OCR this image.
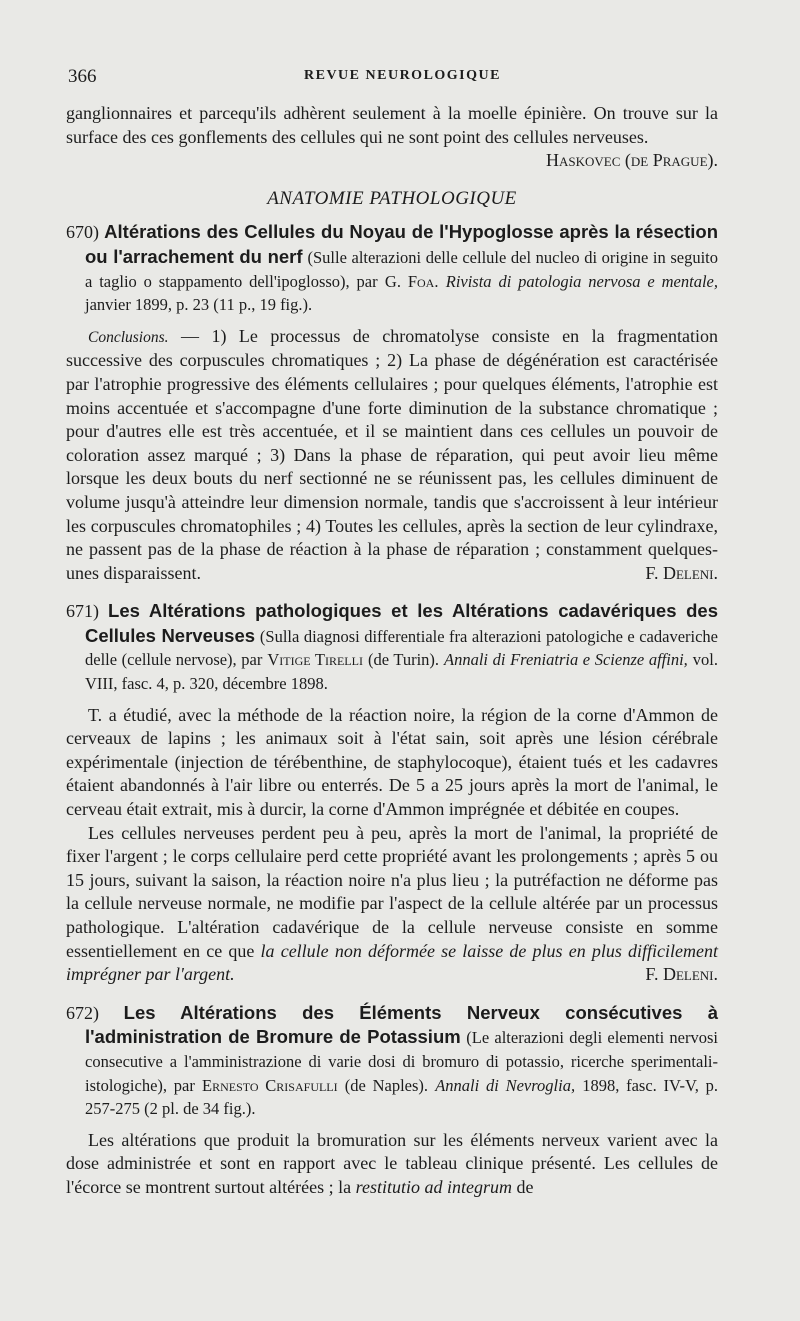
366	REVUE NEUROLOGIQUE

ganglionnaires et parcequ'ils adhèrent seulement à la moelle épinière. On trouve sur la surface des ces gonflements des cellules qui ne sont point des cellules nerveuses.

Haskovec (de Prague).

ANATOMIE PATHOLOGIQUE
670) Altérations des Cellules du Noyau de l'Hypoglosse après la résection ou l'arrachement du nerf (Sulle alterazioni delle cellule del nucleo di origine in seguito a taglio o stappamento dell'ipoglosso), par G. Foa. Rivista di patologia nervosa e mentale, janvier 1899, p. 23 (11 p., 19 fig.).

Conclusions. — 1) Le processus de chromatolyse consiste en la fragmentation successive des corpuscules chromatiques ; 2) La phase de dégénération est caractérisée par l'atrophie progressive des éléments cellulaires ; pour quelques éléments, l'atrophie est moins accentuée et s'accompagne d'une forte diminution de la substance chromatique ; pour d'autres elle est très accentuée, et il se maintient dans ces cellules un pouvoir de coloration assez marqué ; 3) Dans la phase de réparation, qui peut avoir lieu même lorsque les deux bouts du nerf sectionné ne se réunissent pas, les cellules diminuent de volume jusqu'à atteindre leur dimension normale, tandis que s'accroissent à leur intérieur les corpuscules chromatophiles ; 4) Toutes les cellules, après la section de leur cylindraxe, ne passent pas de la phase de réaction à la phase de réparation ; constamment quelques-unes disparaissent.	F. Deleni.

671) Les Altérations pathologiques et les Altérations cadavériques des Cellules Nerveuses (Sulla diagnosi differentiale fra alterazioni patologiche e cadaveriche delle (cellule nervose), par Vitige Tirelli (de Turin). Annali di Freniatria e Scienze affini, vol. VIII, fasc. 4, p. 320, décembre 1898.

T. a étudié, avec la méthode de la réaction noire, la région de la corne d'Ammon de cerveaux de lapins ; les animaux soit à l'état sain, soit après une lésion cérébrale expérimentale (injection de térébenthine, de staphylocoque), étaient tués et les cadavres étaient abandonnés à l'air libre ou enterrés. De 5 a 25 jours après la mort de l'animal, le cerveau était extrait, mis à durcir, la corne d'Ammon imprégnée et débitée en coupes.

Les cellules nerveuses perdent peu à peu, après la mort de l'animal, la propriété de fixer l'argent ; le corps cellulaire perd cette propriété avant les prolongements ; après 5 ou 15 jours, suivant la saison, la réaction noire n'a plus lieu ; la putréfaction ne déforme pas la cellule nerveuse normale, ne modifie par l'aspect de la cellule altérée par un processus pathologique. L'altération cadavérique de la cellule nerveuse consiste en somme essentiellement en ce que la cellule non déformée se laisse de plus en plus difficilement imprégner par l'argent.	F. Deleni.

672) Les Altérations des Éléments Nerveux consécutives à l'administration de Bromure de Potassium (Le alterazioni degli elementi nervosi consecutive a l'amministrazione di varie dosi di bromuro di potassio, ricerche sperimentali-istologiche), par Ernesto Crisafulli (de Naples). Annali di Nevroglia, 1898, fasc. IV-V, p. 257-275 (2 pl. de 34 fig.).

Les altérations que produit la bromuration sur les éléments nerveux varient avec la dose administrée et sont en rapport avec le tableau clinique présenté. Les cellules de l'écorce se montrent surtout altérées ; la restitutio ad integrum de
